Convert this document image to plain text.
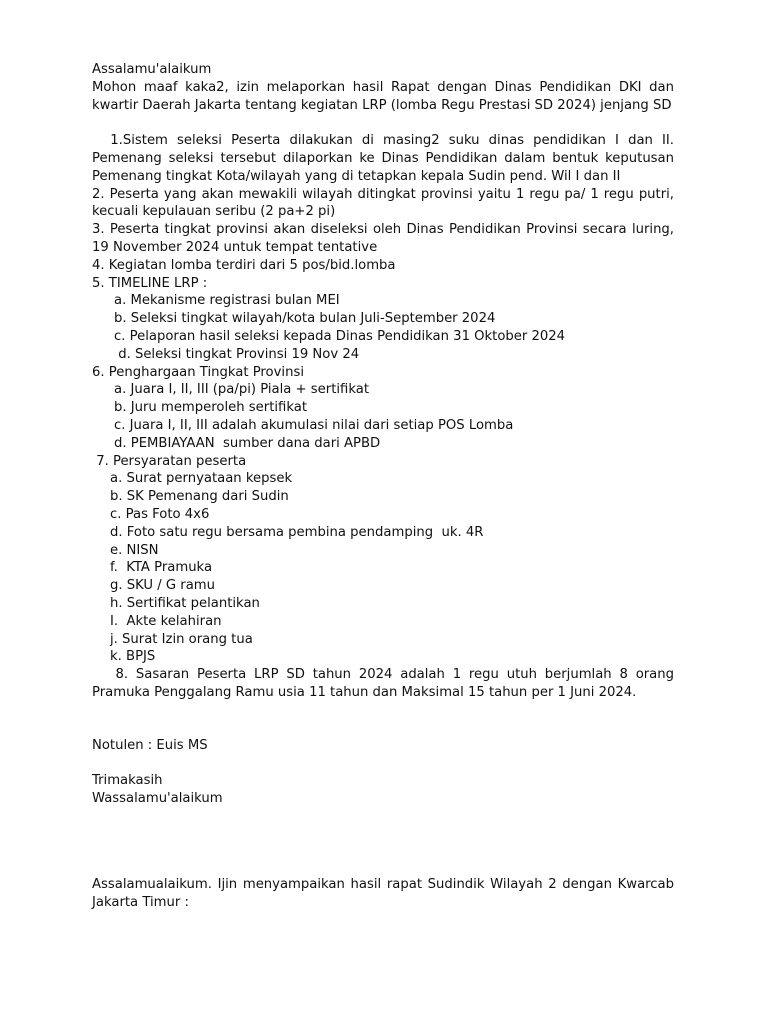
Assalamu'alaikum
Mohon maaf kaka2, izin melaporkan hasil Rapat dengan Dinas Pendidikan DKI dan kwartir Daerah Jakarta tentang kegiatan LRP (lomba Regu Prestasi SD 2024) jenjang SD
1.Sistem seleksi Peserta dilakukan di masing2 suku dinas pendidikan I dan II. Pemenang seleksi tersebut dilaporkan ke Dinas Pendidikan dalam bentuk keputusan Pemenang tingkat Kota/wilayah yang di tetapkan kepala Sudin pend. Wil I dan II
2. Peserta yang akan mewakili wilayah ditingkat provinsi yaitu 1 regu pa/ 1 regu putri, kecuali kepulauan seribu (2 pa+2 pi)
3. Peserta tingkat provinsi akan diseleksi oleh Dinas Pendidikan Provinsi secara luring, 19 November 2024 untuk tempat tentative
4. Kegiatan lomba terdiri dari 5 pos/bid.lomba
5. TIMELINE LRP :
a. Mekanisme registrasi bulan MEI
b. Seleksi tingkat wilayah/kota bulan Juli-September 2024
c. Pelaporan hasil seleksi kepada Dinas Pendidikan 31 Oktober 2024
d. Seleksi tingkat Provinsi 19 Nov 24
6. Penghargaan Tingkat Provinsi
a. Juara I, II, III (pa/pi) Piala + sertifikat
b. Juru memperoleh sertifikat
c. Juara I, II, III adalah akumulasi nilai dari setiap POS Lomba
d. PEMBIAYAAN  sumber dana dari APBD
7. Persyaratan peserta
a. Surat pernyataan kepsek
b. SK Pemenang dari Sudin
c. Pas Foto 4x6
d. Foto satu regu bersama pembina pendamping  uk. 4R
e. NISN
f.  KTA Pramuka
g. SKU / G ramu
h. Sertifikat pelantikan
I.  Akte kelahiran
j. Surat Izin orang tua
k. BPJS
8. Sasaran Peserta LRP SD tahun 2024 adalah 1 regu utuh berjumlah 8 orang Pramuka Penggalang Ramu usia 11 tahun dan Maksimal 15 tahun per 1 Juni 2024.
Notulen : Euis MS
Trimakasih
Wassalamu'alaikum
Assalamualaikum. Ijin menyampaikan hasil rapat Sudindik Wilayah 2 dengan Kwarcab Jakarta Timur :
